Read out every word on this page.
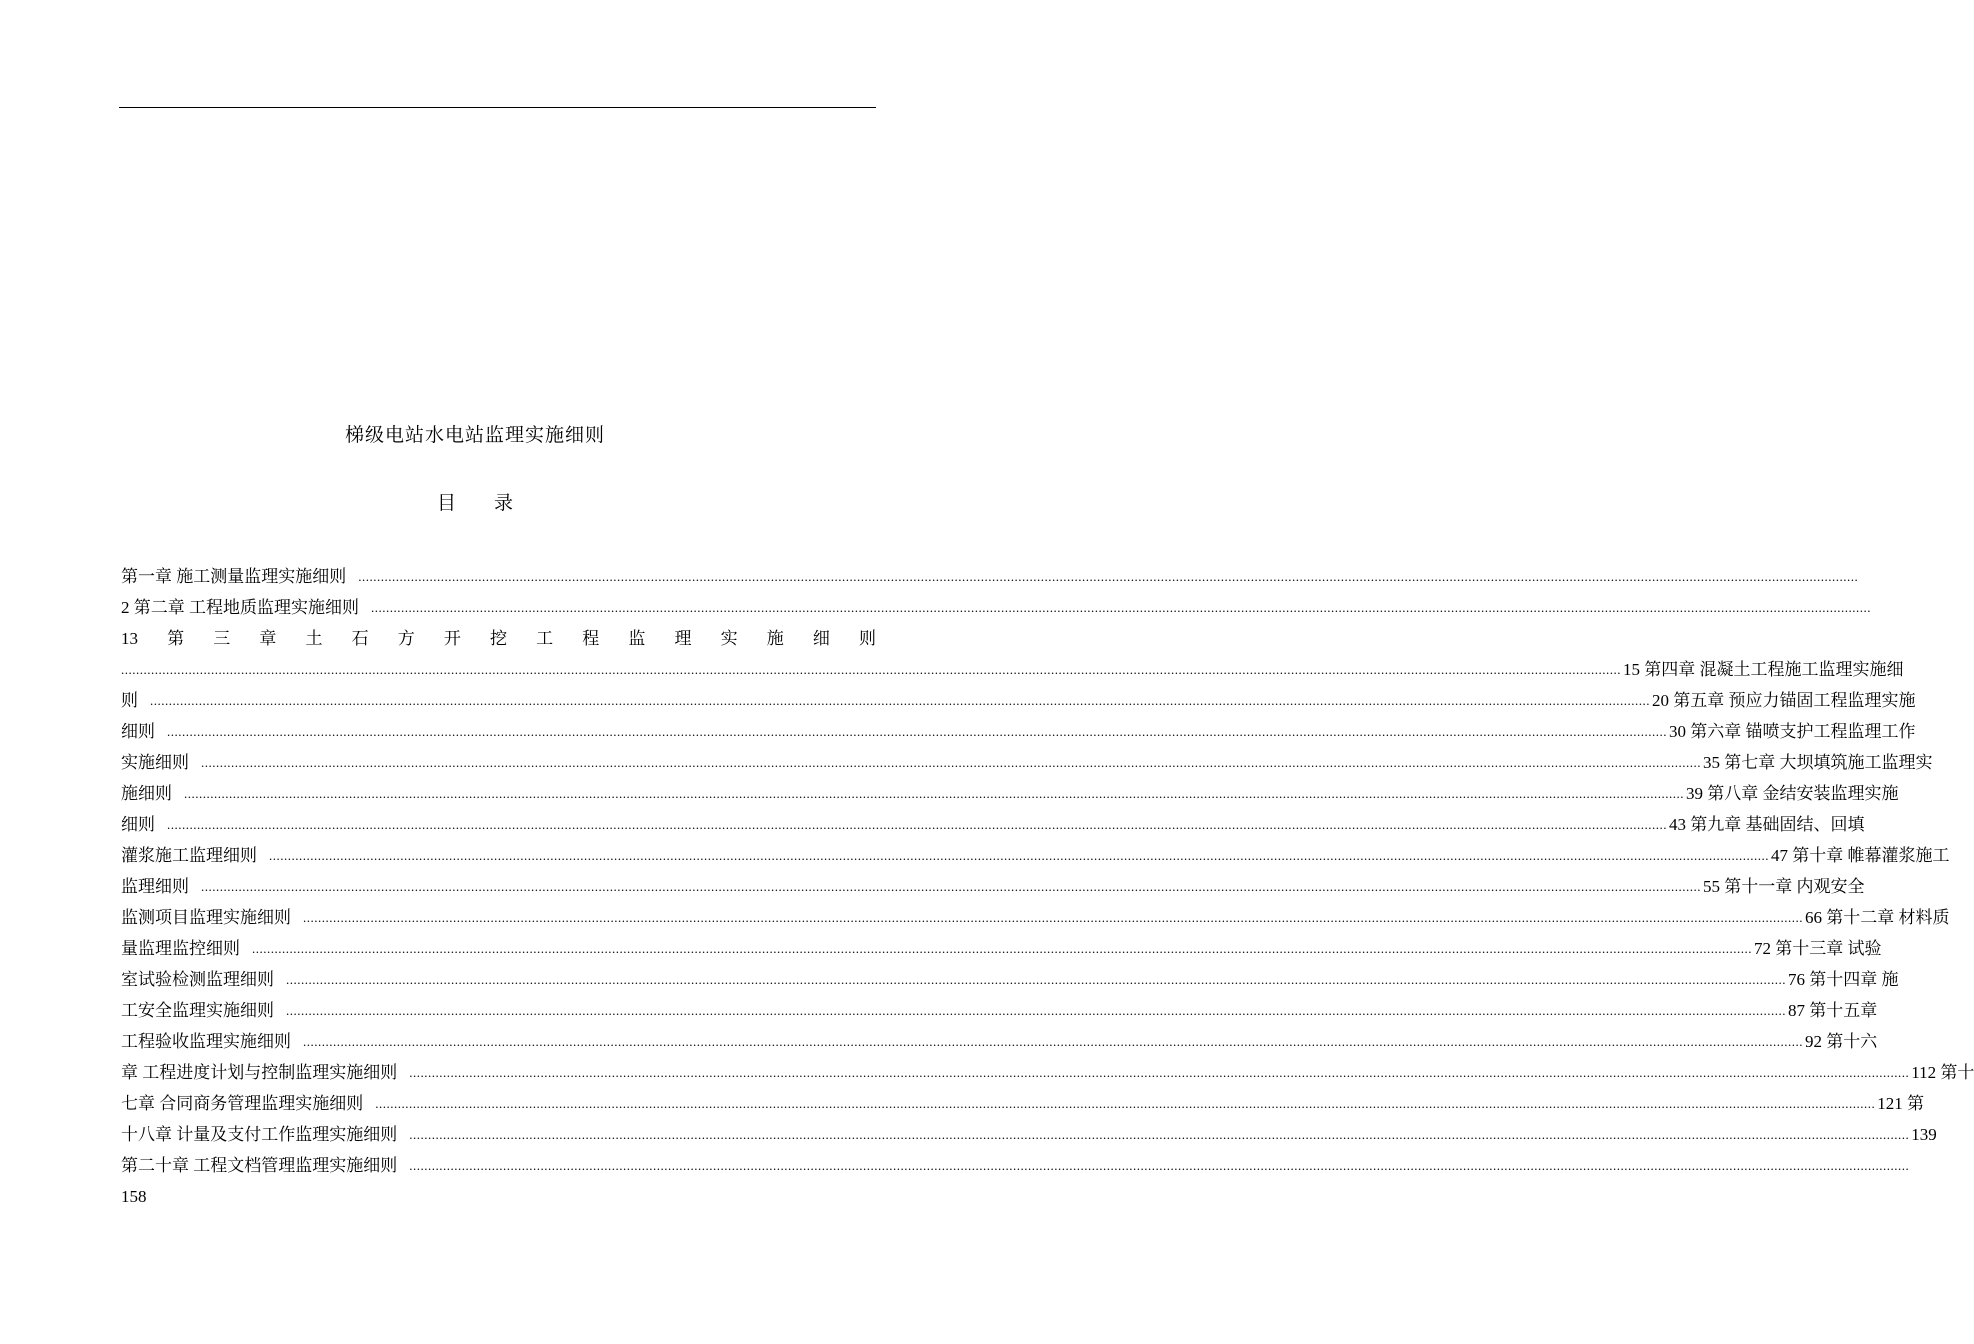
梯级电站水电站监理实施细则
目 录
第一章 施工测量监理实施细则 ................................................................................................................................................................................................................................................................................................................................................................................................................
2 第二章 工程地质监理实施细则 ................................................................................................................................................................................................................................................................................................................................................................................................................
13 第 三 章 土 石 方 开 挖 工 程 监 理 实 施 细 则
................................................................................................................................................................................................................................................................................................................................................................................................................ 15 第四章 混凝土工程施工监理实施细
则 ................................................................................................................................................................................................................................................................................................................................................................................................................ 20 第五章 预应力锚固工程监理实施
细则 ................................................................................................................................................................................................................................................................................................................................................................................................................ 30 第六章 锚喷支护工程监理工作
实施细则 ................................................................................................................................................................................................................................................................................................................................................................................................................ 35 第七章 大坝填筑施工监理实
施细则 ................................................................................................................................................................................................................................................................................................................................................................................................................ 39 第八章 金结安装监理实施
细则 ................................................................................................................................................................................................................................................................................................................................................................................................................ 43 第九章 基础固结、回填
灌浆施工监理细则 ................................................................................................................................................................................................................................................................................................................................................................................................................ 47 第十章 帷幕灌浆施工
监理细则 ................................................................................................................................................................................................................................................................................................................................................................................................................ 55 第十一章 内观安全
监测项目监理实施细则 ................................................................................................................................................................................................................................................................................................................................................................................................................ 66 第十二章 材料质
量监理监控细则 ................................................................................................................................................................................................................................................................................................................................................................................................................ 72 第十三章 试验
室试验检测监理细则 ................................................................................................................................................................................................................................................................................................................................................................................................................ 76 第十四章 施
工安全监理实施细则 ................................................................................................................................................................................................................................................................................................................................................................................................................ 87 第十五章
工程验收监理实施细则 ................................................................................................................................................................................................................................................................................................................................................................................................................ 92 第十六
章 工程进度计划与控制监理实施细则 ................................................................................................................................................................................................................................................................................................................................................................................................................ 112 第十
七章 合同商务管理监理实施细则 ................................................................................................................................................................................................................................................................................................................................................................................................................ 121 第
十八章 计量及支付工作监理实施细则 ................................................................................................................................................................................................................................................................................................................................................................................................................ 139
第二十章 工程文档管理监理实施细则 ................................................................................................................................................................................................................................................................................................................................................................................................................
158
